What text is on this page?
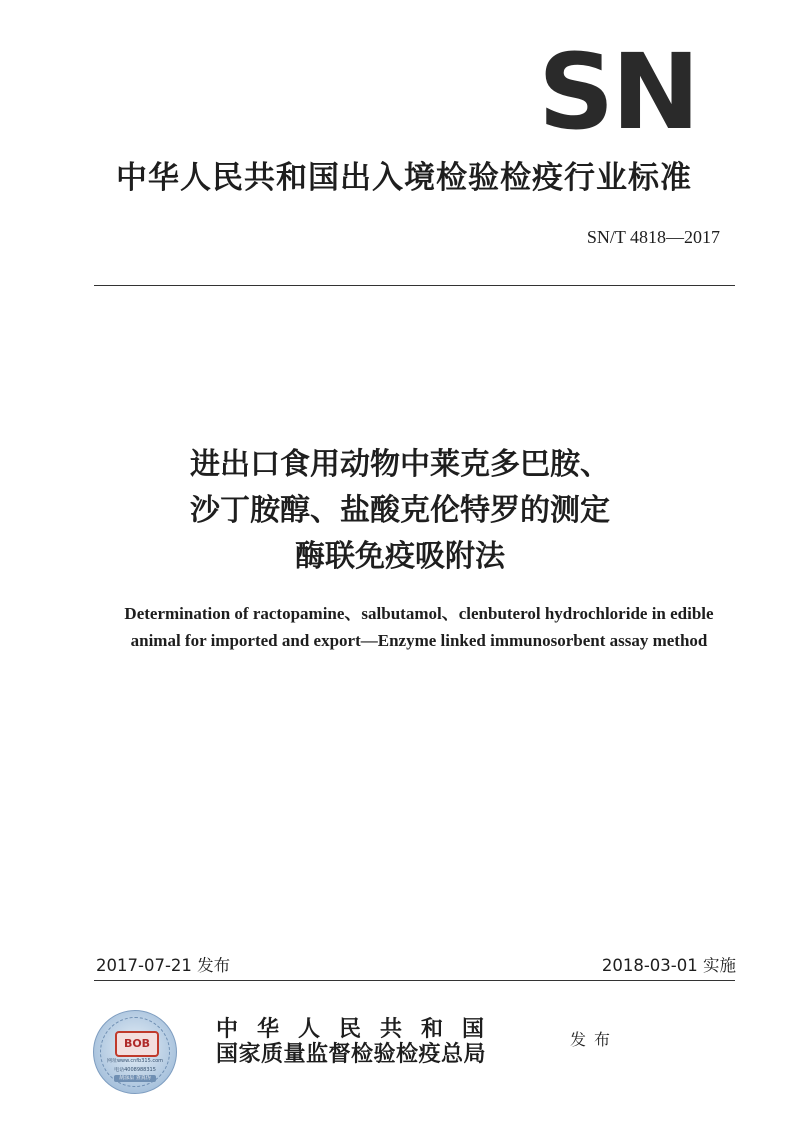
SN
中华人民共和国出入境检验检疫行业标准
SN/T 4818—2017
进出口食用动物中莱克多巴胺、
沙丁胺醇、盐酸克伦特罗的测定
酶联免疫吸附法
Determination of ractopamine、salbutamol、clenbuterol hydrochloride in edible
animal for imported and export—Enzyme linked immunosorbent assay method
2017-07-21 发布	2018-03-01 实施
BOB
网址www.cnfb315.com
电话4008988315
刮涂层 查真伪
中华人民共和国
国家质量监督检验检疫总局
发布
